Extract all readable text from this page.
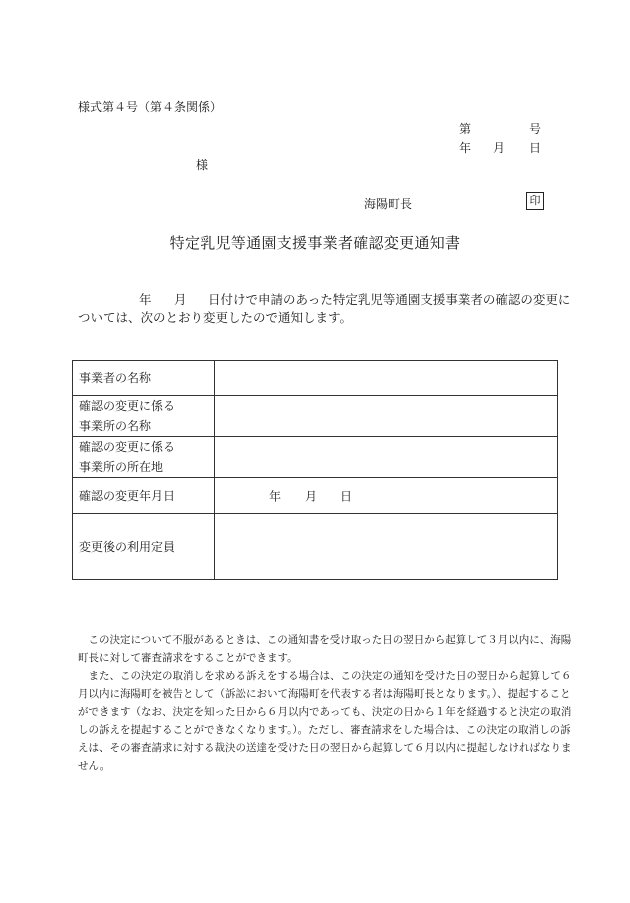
様式第４号（第４条関係）
第	号
年 月 日
様
海陽町長	印
特定乳児等通園支援事業者確認変更通知書
年 月 日付けで申請のあった特定乳児等通園支援事業者の確認の変更に
ついては、次のとおり変更したので通知します。
事業者の名称	

確認の変更に係る
事業所の名称	

確認の変更に係る
事業所の所在地	

確認の変更年月日	年 月 日

変更後の利用定員	

　この決定について不服があるときは、この通知書を受け取った日の翌日から起算して３月以内に、海陽
町長に対して審査請求をすることができます。
　また、この決定の取消しを求める訴えをする場合は、この決定の通知を受けた日の翌日から起算して６
月以内に海陽町を被告として（訴訟において海陽町を代表する者は海陽町長となります。）、提起すること
ができます（なお、決定を知った日から６月以内であっても、決定の日から１年を経過すると決定の取消
しの訴えを提起することができなくなります。）。ただし、審査請求をした場合は、この決定の取消しの訴
えは、その審査請求に対する裁決の送達を受けた日の翌日から起算して６月以内に提起しなければなりま
せん。
